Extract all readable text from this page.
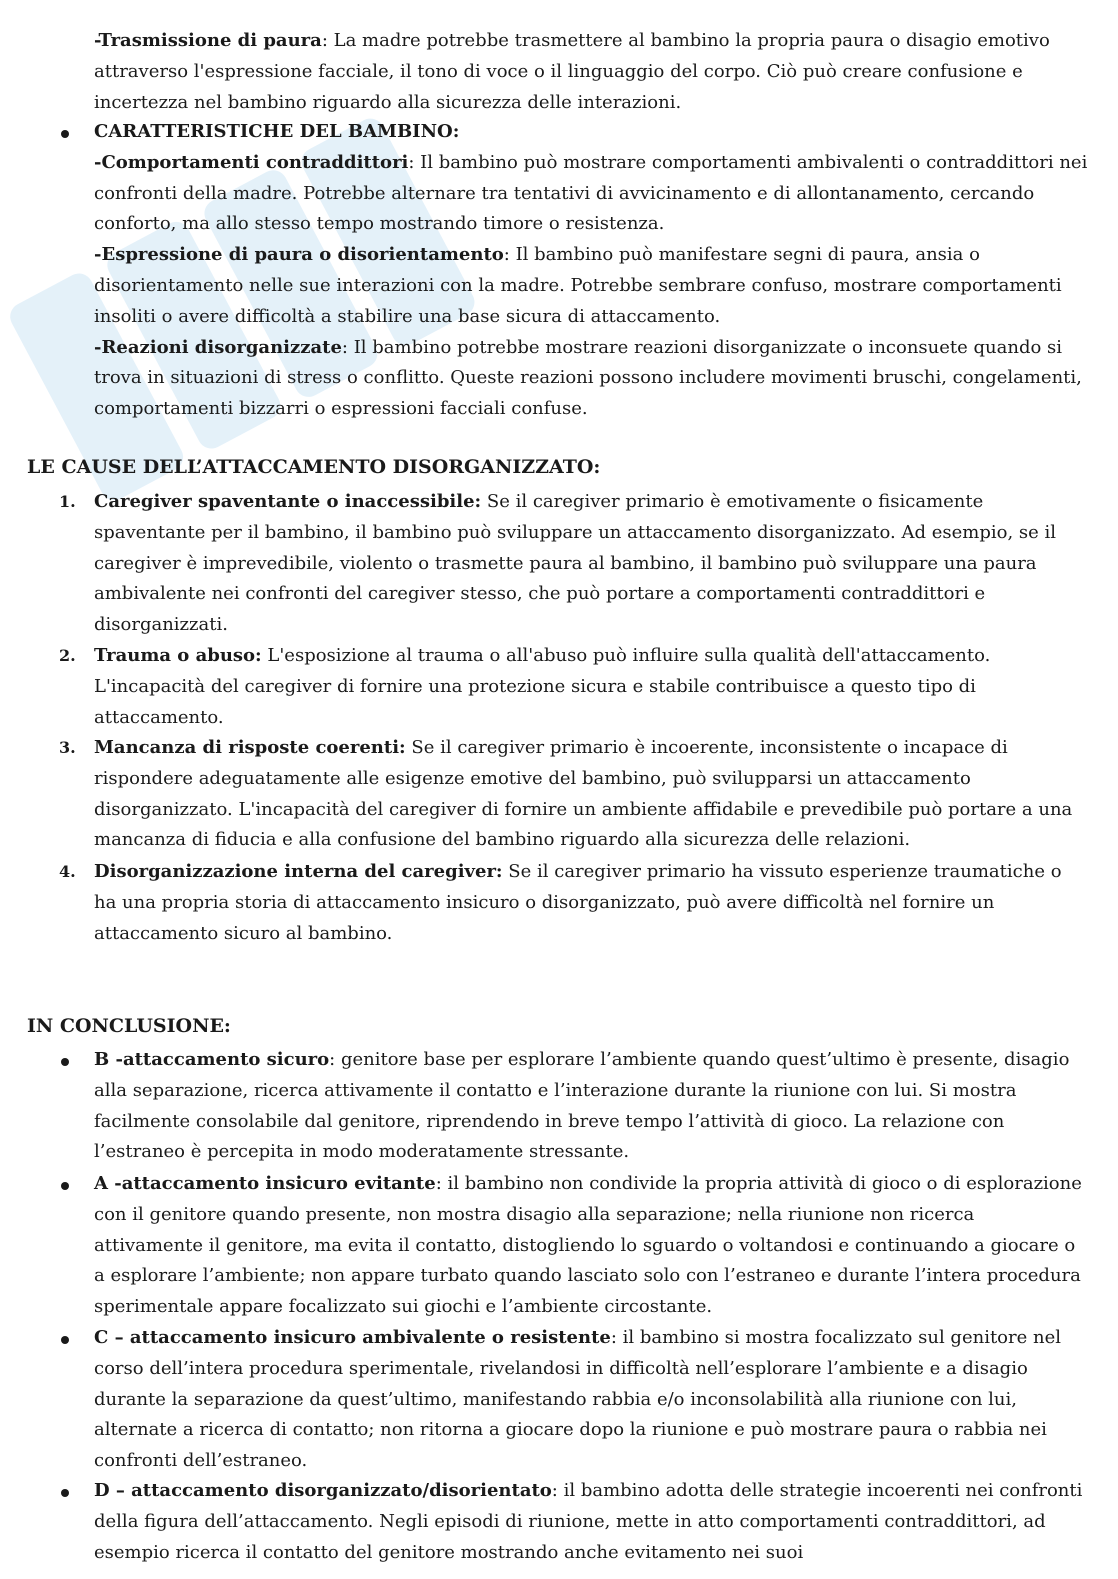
-Trasmissione di paura: La madre potrebbe trasmettere al bambino la propria paura o disagio emotivo attraverso l'espressione facciale, il tono di voce o il linguaggio del corpo. Ciò può creare confusione e incertezza nel bambino riguardo alla sicurezza delle interazioni.
CARATTERISTICHE DEL BAMBINO:
-Comportamenti contraddittori: Il bambino può mostrare comportamenti ambivalenti o contraddittori nei confronti della madre. Potrebbe alternare tra tentativi di avvicinamento e di allontanamento, cercando conforto, ma allo stesso tempo mostrando timore o resistenza.
-Espressione di paura o disorientamento: Il bambino può manifestare segni di paura, ansia o disorientamento nelle sue interazioni con la madre. Potrebbe sembrare confuso, mostrare comportamenti insoliti o avere difficoltà a stabilire una base sicura di attaccamento.
-Reazioni disorganizzate: Il bambino potrebbe mostrare reazioni disorganizzate o inconsuete quando si trova in situazioni di stress o conflitto. Queste reazioni possono includere movimenti bruschi, congelamenti, comportamenti bizzarri o espressioni facciali confuse.
LE CAUSE DELL’ATTACCAMENTO DISORGANIZZATO:
1. Caregiver spaventante o inaccessibile: Se il caregiver primario è emotivamente o fisicamente spaventante per il bambino, il bambino può sviluppare un attaccamento disorganizzato. Ad esempio, se il caregiver è imprevedibile, violento o trasmette paura al bambino, il bambino può sviluppare una paura ambivalente nei confronti del caregiver stesso, che può portare a comportamenti contraddittori e disorganizzati.
2. Trauma o abuso: L'esposizione al trauma o all'abuso può influire sulla qualità dell'attaccamento. L'incapacità del caregiver di fornire una protezione sicura e stabile contribuisce a questo tipo di attaccamento.
3. Mancanza di risposte coerenti: Se il caregiver primario è incoerente, inconsistente o incapace di rispondere adeguatamente alle esigenze emotive del bambino, può svilupparsi un attaccamento disorganizzato. L'incapacità del caregiver di fornire un ambiente affidabile e prevedibile può portare a una mancanza di fiducia e alla confusione del bambino riguardo alla sicurezza delle relazioni.
4. Disorganizzazione interna del caregiver: Se il caregiver primario ha vissuto esperienze traumatiche o ha una propria storia di attaccamento insicuro o disorganizzato, può avere difficoltà nel fornire un attaccamento sicuro al bambino.
IN CONCLUSIONE:
B -attaccamento sicuro: genitore base per esplorare l’ambiente quando quest’ultimo è presente, disagio alla separazione, ricerca attivamente il contatto e l’interazione durante la riunione con lui. Si mostra facilmente consolabile dal genitore, riprendendo in breve tempo l’attività di gioco. La relazione con l’estraneo è percepita in modo moderatamente stressante.
A -attaccamento insicuro evitante: il bambino non condivide la propria attività di gioco o di esplorazione con il genitore quando presente, non mostra disagio alla separazione; nella riunione non ricerca attivamente il genitore, ma evita il contatto, distogliendo lo sguardo o voltandosi e continuando a giocare o a esplorare l’ambiente; non appare turbato quando lasciato solo con l’estraneo e durante l’intera procedura sperimentale appare focalizzato sui giochi e l’ambiente circostante.
C – attaccamento insicuro ambivalente o resistente: il bambino si mostra focalizzato sul genitore nel corso dell’intera procedura sperimentale, rivelandosi in difficoltà nell’esplorare l’ambiente e a disagio durante la separazione da quest’ultimo, manifestando rabbia e/o inconsolabilità alla riunione con lui, alternate a ricerca di contatto; non ritorna a giocare dopo la riunione e può mostrare paura o rabbia nei confronti dell’estraneo.
D – attaccamento disorganizzato/disorientato: il bambino adotta delle strategie incoerenti nei confronti della figura dell’attaccamento. Negli episodi di riunione, mette in atto comportamenti contraddittori, ad esempio ricerca il contatto del genitore mostrando anche evitamento nei suoi
